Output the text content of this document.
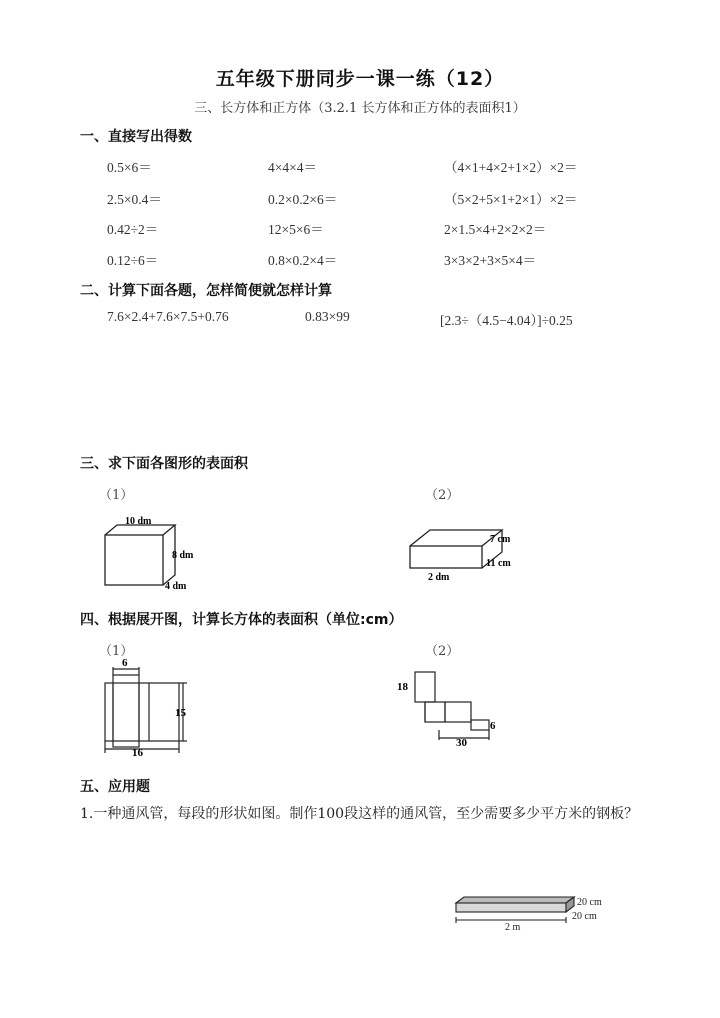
五年级下册同步一课一练（12）
三、长方体和正方体（3.2.1 长方体和正方体的表面积1）
一、直接写出得数
0.5×6＝	4×4×4＝	（4×1+4×2+1×2）×2＝
2.5×0.4＝	0.2×0.2×6＝	（5×2+5×1+2×1）×2＝
0.42÷2＝	12×5×6＝	2×1.5×4+2×2×2＝
0.12÷6＝	0.8×0.2×4＝	3×3×2+3×5×4＝
二、计算下面各题，怎样简便就怎样计算
7.6×2.4+7.6×7.5+0.76	0.83×99	[2.3÷（4.5−4.04）]÷0.25
三、求下面各图形的表面积
（1）	（2）
10 dm
8 dm
4 dm
7 cm
11 cm
2 dm
四、根据展开图，计算长方体的表面积（单位:cm）
（1）	（2）
6
15
16
18
6
30
五、应用题
1.一种通风管，每段的形状如图。制作100段这样的通风管，至少需要多少平方米的钢板？
20 cm
20 cm
2 m
